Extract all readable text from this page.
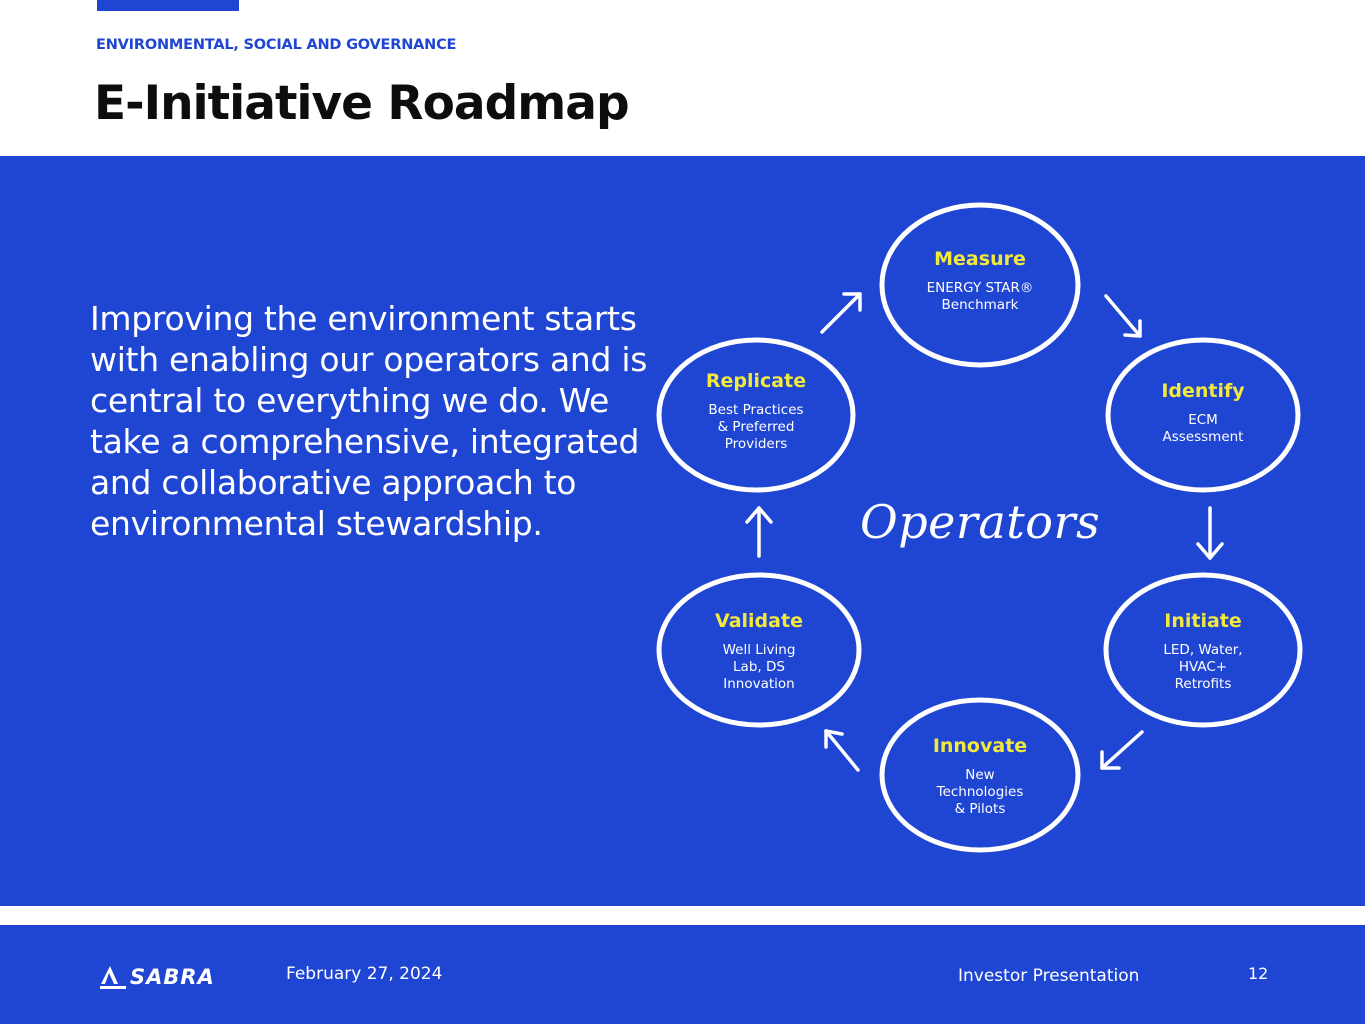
ENVIRONMENTAL, SOCIAL AND GOVERNANCE
E-Initiative Roadmap
Improving the environment starts with enabling our operators and is central to everything we do. We take a comprehensive, integrated and collaborative approach to environmental stewardship.	Operators
Measure
ENERGY STAR®
Benchmark
Identify
ECM
Assessment
Initiate
LED, Water,
HVAC+
Retrofits
Innovate
New
Technologies
& Pilots
Validate
Well Living
Lab, DS
Innovation
Replicate
Best Practices
& Preferred
Providers
SABRA	February 27, 2024	Investor Presentation	12
